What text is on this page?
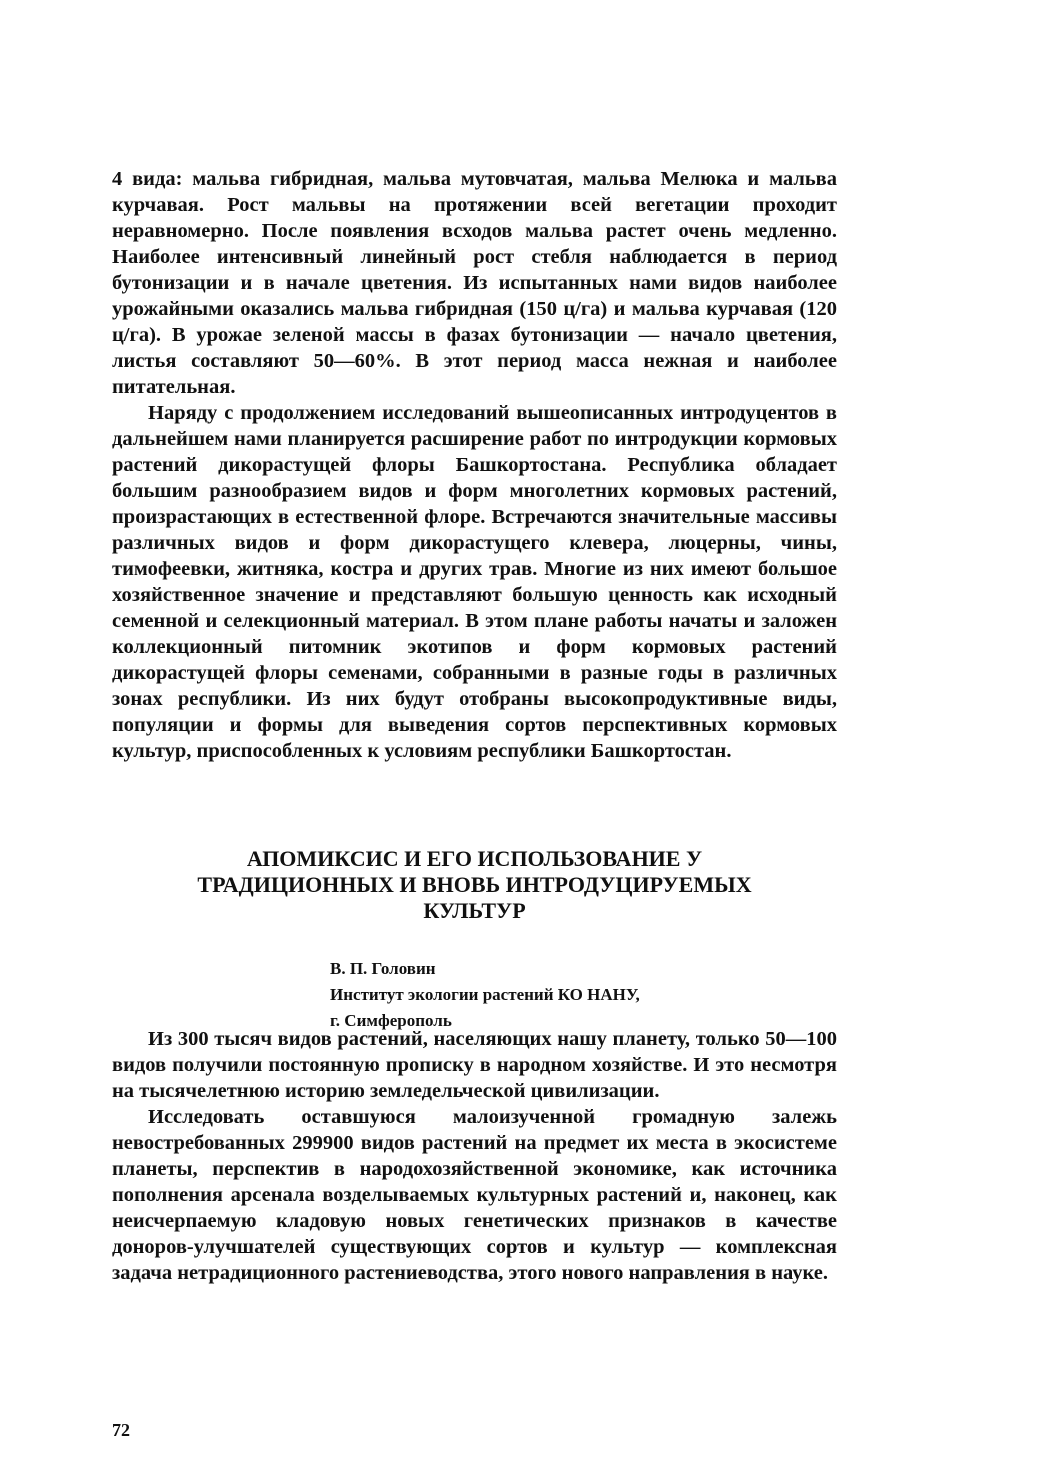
4 вида: мальва гибридная, мальва мутовчатая, мальва Мелюка и мальва курчавая. Рост мальвы на протяжении всей вегетации проходит неравномерно. После появления всходов мальва растет очень медленно. Наиболее интенсивный линейный рост стебля наблюдается в период бутонизации и в начале цветения. Из испытанных нами видов наиболее урожайными оказались мальва гибридная (150 ц/га) и мальва курчавая (120 ц/га). В урожае зеленой массы в фазах бутонизации — начало цветения, листья составляют 50—60%. В этот период масса нежная и наиболее питательная.

Наряду с продолжением исследований вышеописанных интродуцентов в дальнейшем нами планируется расширение работ по интродукции кормовых растений дикорастущей флоры Башкортостана. Республика обладает большим разнообразием видов и форм многолетних кормовых растений, произрастающих в естественной флоре. Встречаются значительные массивы различных видов и форм дикорастущего клевера, люцерны, чины, тимофеевки, житняка, костра и других трав. Многие из них имеют большое хозяйственное значение и представляют большую ценность как исходный семенной и селекционный материал. В этом плане работы начаты и заложен коллекционный питомник экотипов и форм кормовых растений дикорастущей флоры семенами, собранными в разные годы в различных зонах республики. Из них будут отобраны высокопродуктивные виды, популяции и формы для выведения сортов перспективных кормовых культур, приспособленных к условиям республики Башкортостан.

АПОМИКСИС И ЕГО ИСПОЛЬЗОВАНИЕ У
ТРАДИЦИОННЫХ И ВНОВЬ ИНТРОДУЦИРУЕМЫХ
КУЛЬТУР
В. П. Головин
Институт экологии растений КО НАНУ,
г. Симферополь

Из 300 тысяч видов растений, населяющих нашу планету, только 50—100 видов получили постоянную прописку в народном хозяйстве. И это несмотря на тысячелетнюю историю земледельческой цивилизации.

Исследовать оставшуюся малоизученной громадную залежь невостребованных 299900 видов растений на предмет их места в экосистеме планеты, перспектив в народохозяйственной экономике, как источника пополнения арсенала возделываемых культурных растений и, наконец, как неисчерпаемую кладовую новых генетических признаков в качестве доноров-улучшателей существующих сортов и культур — комплексная задача нетрадиционного растениеводства, этого нового направления в науке.

72
